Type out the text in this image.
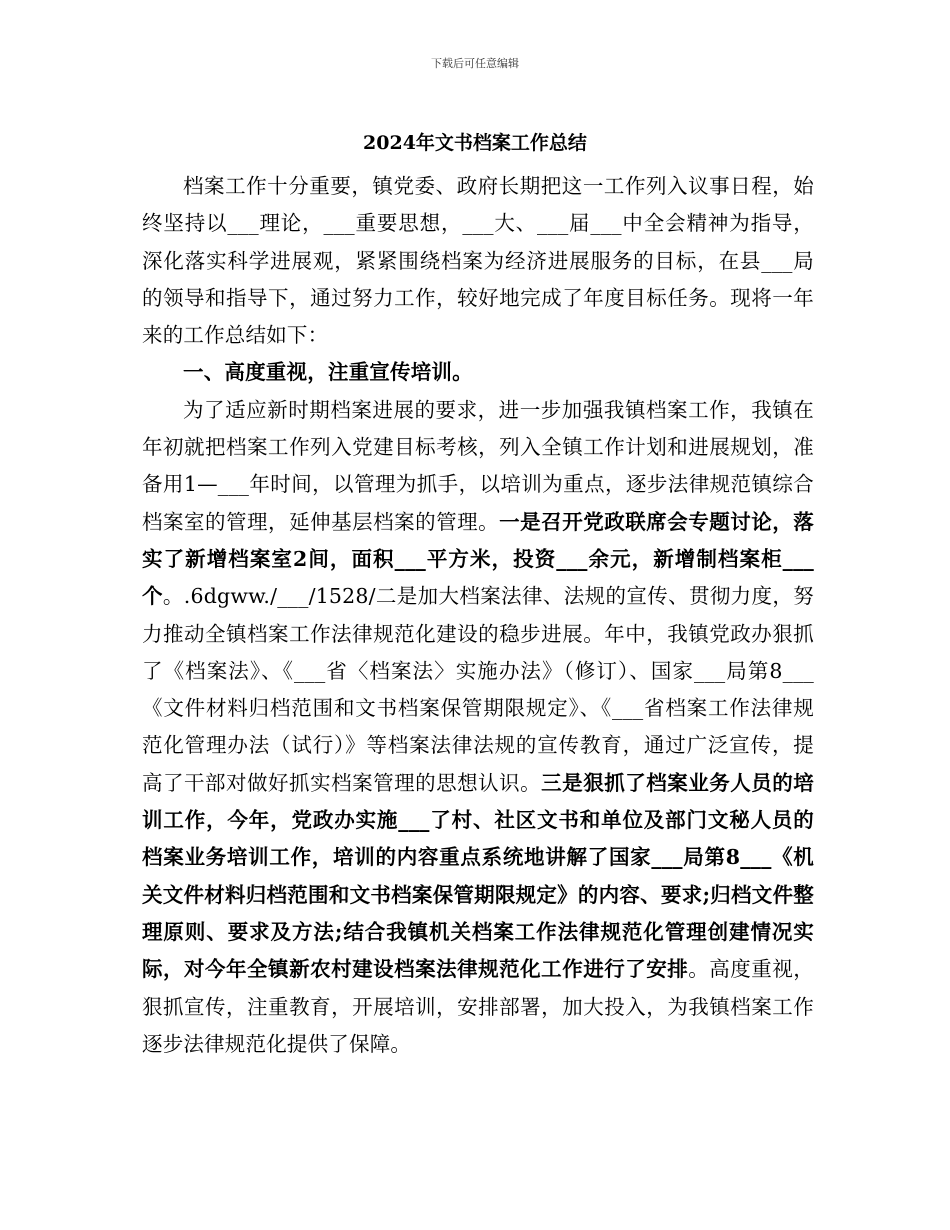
下载后可任意编辑
2024年文书档案工作总结

档案工作十分重要，镇党委、政府长期把这一工作列入议事日程，始终坚持以___理论，___重要思想，___大、___届___中全会精神为指导，深化落实科学进展观，紧紧围绕档案为经济进展服务的目标，在县___局的领导和指导下，通过努力工作，较好地完成了年度目标任务。现将一年来的工作总结如下：

一、高度重视，注重宣传培训。

为了适应新时期档案进展的要求，进一步加强我镇档案工作，我镇在年初就把档案工作列入党建目标考核，列入全镇工作计划和进展规划，准备用1—___年时间，以管理为抓手，以培训为重点，逐步法律规范镇综合档案室的管理，延伸基层档案的管理。一是召开党政联席会专题讨论，落实了新增档案室2间，面积___平方米，投资___余元，新增制档案柜___个。.6dgww./___/1528/二是加大档案法律、法规的宣传、贯彻力度，努力推动全镇档案工作法律规范化建设的稳步进展。年中，我镇党政办狠抓了《档案法》、《___省〈档案法〉实施办法》（修订）、国家___局第8___《文件材料归档范围和文书档案保管期限规定》、《___省档案工作法律规范化管理办法（试行）》等档案法律法规的宣传教育，通过广泛宣传，提高了干部对做好抓实档案管理的思想认识。三是狠抓了档案业务人员的培训工作，今年，党政办实施___了村、社区文书和单位及部门文秘人员的档案业务培训工作，培训的内容重点系统地讲解了国家___局第8___《机关文件材料归档范围和文书档案保管期限规定》的内容、要求;归档文件整理原则、要求及方法;结合我镇机关档案工作法律规范化管理创建情况实际，对今年全镇新农村建设档案法律规范化工作进行了安排。高度重视，狠抓宣传，注重教育，开展培训，安排部署，加大投入，为我镇档案工作逐步法律规范化提供了保障。
